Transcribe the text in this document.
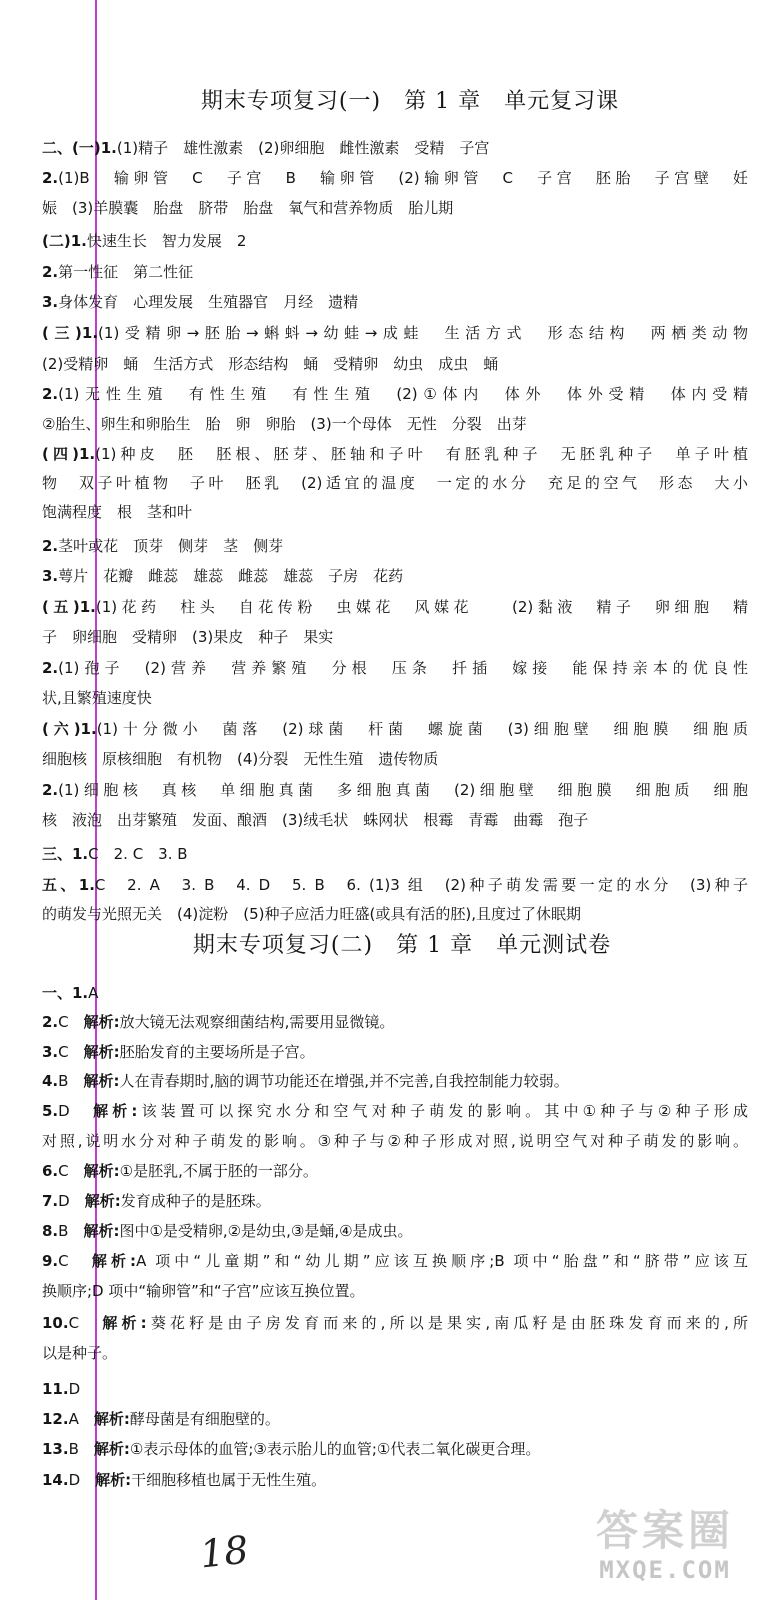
期末专项复习(一)　第 1 章　单元复习课
二、(一)1.(1)精子　雄性激素　(2)卵细胞　雌性激素　受精　子宫
2.(1)B　输卵管　C　子宫　B　输卵管　(2)输卵管　C　子宫　胚胎　子宫壁　妊
娠　(3)羊膜囊　胎盘　脐带　胎盘　氧气和营养物质　胎儿期
(二)1.快速生长　智力发展　2
2.第一性征　第二性征
3.身体发育　心理发展　生殖器官　月经　遗精
(三)1.(1)受精卵→胚胎→蝌蚪→幼蛙→成蛙　生活方式　形态结构　两栖类动物
(2)受精卵　蛹　生活方式　形态结构　蛹　受精卵　幼虫　成虫　蛹
2.(1)无性生殖　有性生殖　有性生殖　(2)①体内　体外　体外受精　体内受精
②胎生、卵生和卵胎生　胎　卵　卵胎　(3)一个母体　无性　分裂　出芽
(四)1.(1)种皮　胚　胚根、胚芽、胚轴和子叶　有胚乳种子　无胚乳种子　单子叶植
物　双子叶植物　子叶　胚乳　(2)适宜的温度　一定的水分　充足的空气　形态　大小
饱满程度　根　茎和叶
2.茎叶或花　顶芽　侧芽　茎　侧芽
3.萼片　花瓣　雌蕊　雄蕊　雌蕊　雄蕊　子房　花药
(五)1.(1)花药　柱头　自花传粉　虫媒花　风媒花　　(2)黏液　精子　卵细胞　精
子　卵细胞　受精卵　(3)果皮　种子　果实
2.(1)孢子　(2)营养　营养繁殖　分根　压条　扦插　嫁接　能保持亲本的优良性
状,且繁殖速度快
(六)1.(1)十分微小　菌落　(2)球菌　杆菌　螺旋菌　(3)细胞壁　细胞膜　细胞质
细胞核　原核细胞　有机物　(4)分裂　无性生殖　遗传物质
2.(1)细胞核　真核　单细胞真菌　多细胞真菌　(2)细胞壁　细胞膜　细胞质　细胞
核　液泡　出芽繁殖　发面、酿酒　(3)绒毛状　蛛网状　根霉　青霉　曲霉　孢子
三、1.C　2. C　3. B
五、1.C　2. A　3. B　4. D　5. B　6. (1)3 组　(2)种子萌发需要一定的水分　(3)种子
的萌发与光照无关　(4)淀粉　(5)种子应活力旺盛(或具有活的胚),且度过了休眠期
期末专项复习(二)　第 1 章　单元测试卷
一、1.A　
2.C　 解析:放大镜无法观察细菌结构,需要用显微镜。
3.C　 解析:胚胎发育的主要场所是子宫。
4.B　 解析:人在青春期时,脑的调节功能还在增强,并不完善,自我控制能力较弱。
5.D　 解析:该装置可以探究水分和空气对种子萌发的影响。其中①种子与②种子形成
对照,说明水分对种子萌发的影响。③种子与②种子形成对照,说明空气对种子萌发的影响。
6.C　 解析:①是胚乳,不属于胚的一部分。
7.D　 解析:发育成种子的是胚珠。
8.B　 解析:图中①是受精卵,②是幼虫,③是蛹,④是成虫。
9.C　 解析:A 项中“儿童期”和“幼儿期”应该互换顺序;B 项中“胎盘”和“脐带”应该互
换顺序;D 项中“输卵管”和“子宫”应该互换位置。
10.C　 解析:葵花籽是由子房发育而来的,所以是果实,南瓜籽是由胚珠发育而来的,所
以是种子。
11.D　
12.A　 解析:酵母菌是有细胞壁的。
13.B　 解析:①表示母体的血管;③表示胎儿的血管;①代表二氧化碳更合理。
14.D　 解析:干细胞移植也属于无性生殖。
18	答案圈
MXQE.COM
